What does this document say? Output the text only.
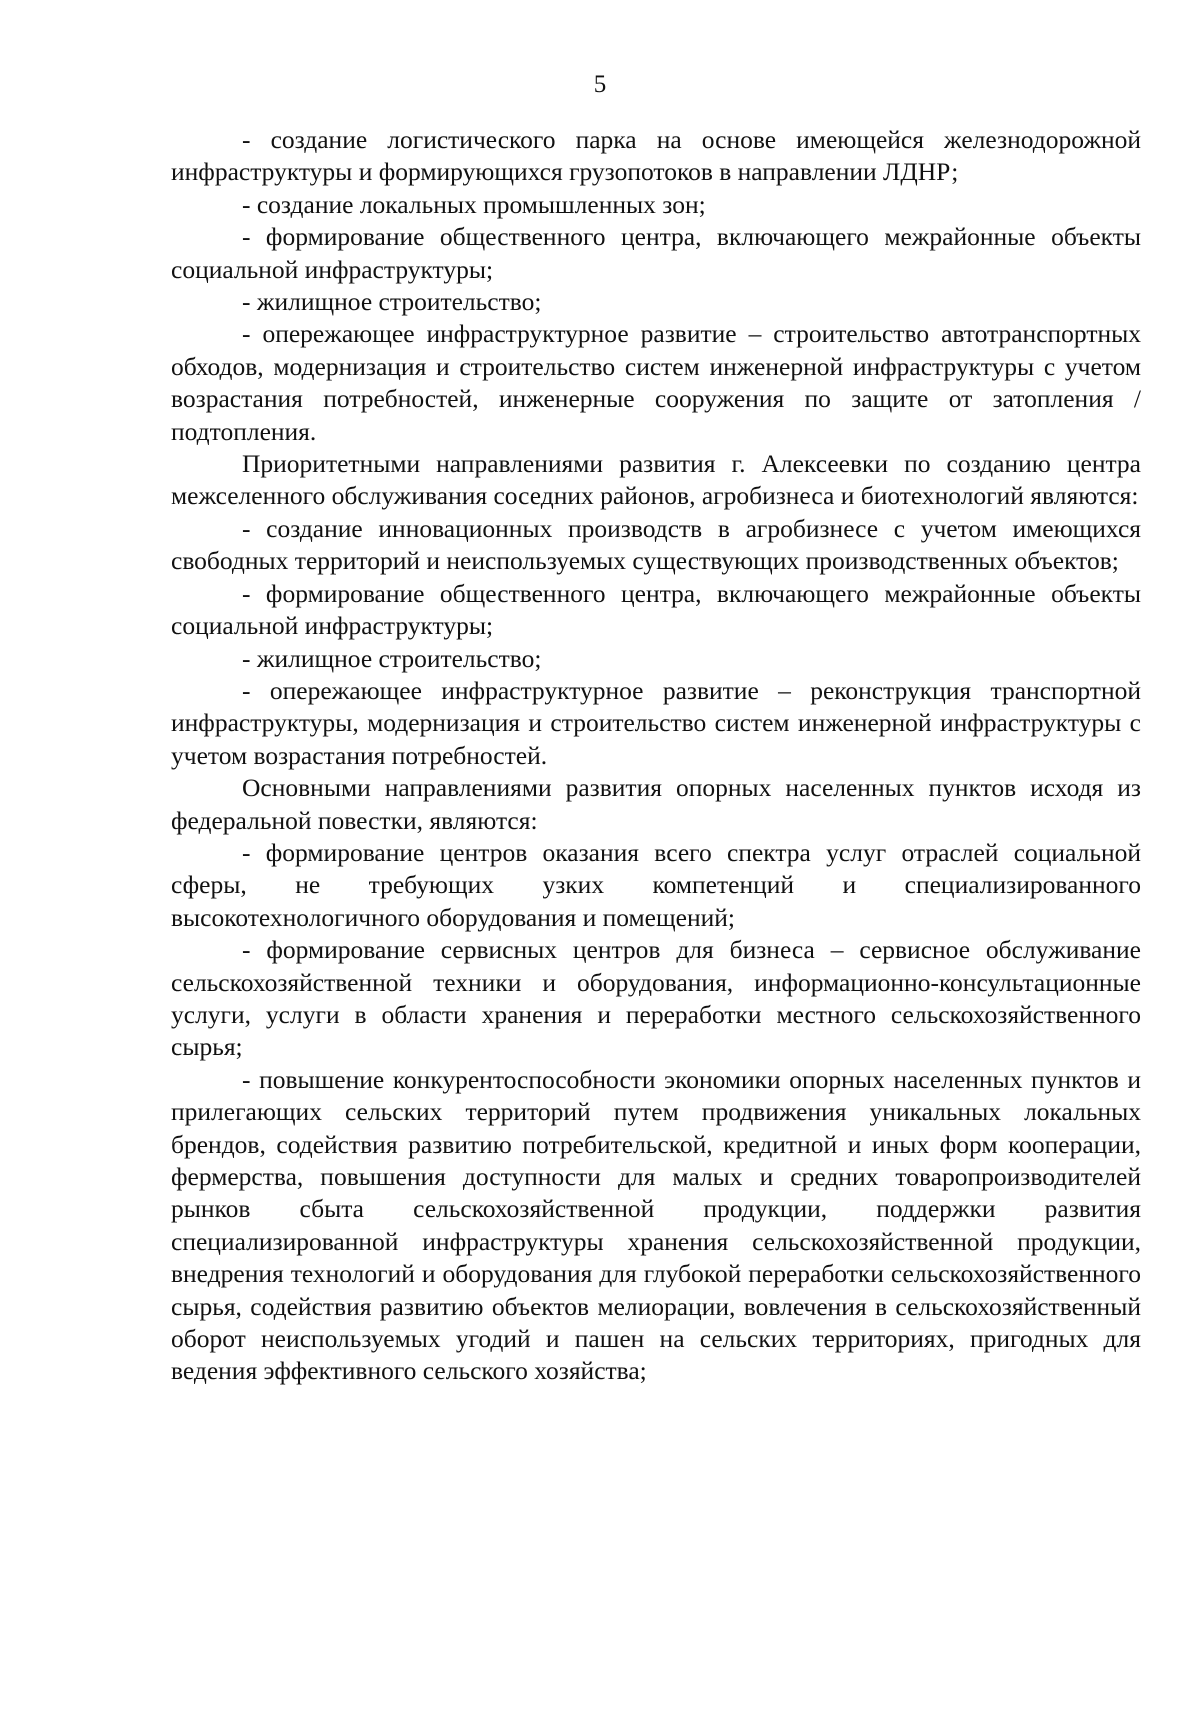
5

- создание логистического парка на основе имеющейся железнодорожной инфраструктуры и формирующихся грузопотоков в направлении ЛДНР;

- создание локальных промышленных зон;

- формирование общественного центра, включающего межрайонные объекты социальной инфраструктуры;

- жилищное строительство;

- опережающее инфраструктурное развитие – строительство автотранспортных обходов, модернизация и строительство систем инженерной инфраструктуры с учетом возрастания потребностей, инженерные сооружения по защите от затопления / подтопления.

Приоритетными направлениями развития г. Алексеевки по созданию центра межселенного обслуживания соседних районов, агробизнеса и биотехнологий являются:

- создание инновационных производств в агробизнесе с учетом имеющихся свободных территорий и неиспользуемых существующих производственных объектов;

- формирование общественного центра, включающего межрайонные объекты социальной инфраструктуры;

- жилищное строительство;

- опережающее инфраструктурное развитие – реконструкция транспортной инфраструктуры, модернизация и строительство систем инженерной инфраструктуры с учетом возрастания потребностей.

Основными направлениями развития опорных населенных пунктов исходя из федеральной повестки, являются:

- формирование центров оказания всего спектра услуг отраслей социальной сферы, не требующих узких компетенций и специализированного высокотехнологичного оборудования и помещений;

- формирование сервисных центров для бизнеса – сервисное обслуживание сельскохозяйственной техники и оборудования, информационно-консультационные услуги, услуги в области хранения и переработки местного сельскохозяйственного сырья;

- повышение конкурентоспособности экономики опорных населенных пунктов и прилегающих сельских территорий путем продвижения уникальных локальных брендов, содействия развитию потребительской, кредитной и иных форм кооперации, фермерства, повышения доступности для малых и средних товаропроизводителей рынков сбыта сельскохозяйственной продукции, поддержки развития специализированной инфраструктуры хранения сельскохозяйственной продукции, внедрения технологий и оборудования для глубокой переработки сельскохозяйственного сырья, содействия развитию объектов мелиорации, вовлечения в сельскохозяйственный оборот неиспользуемых угодий и пашен на сельских территориях, пригодных для ведения эффективного сельского хозяйства;
